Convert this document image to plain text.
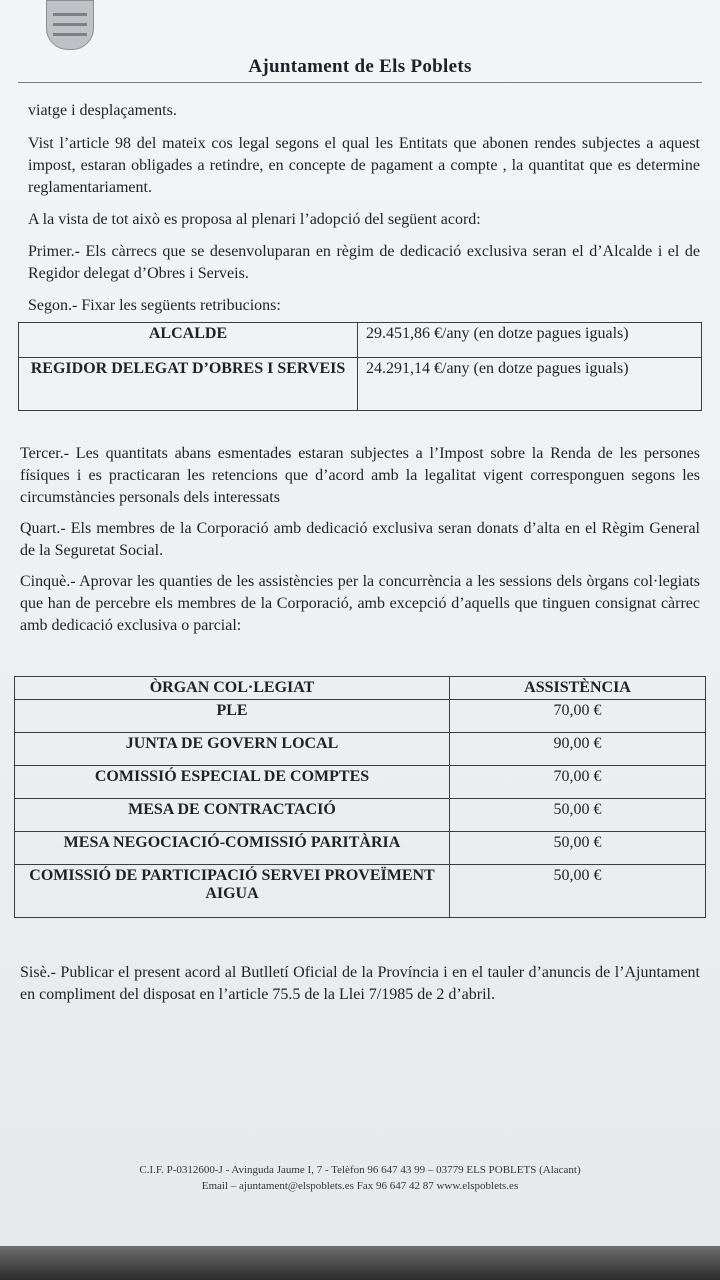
Ajuntament de Els Poblets

viatge i desplaçaments.

Vist l’article 98 del mateix cos legal segons el qual les Entitats que abonen rendes subjectes a aquest impost, estaran obligades a retindre, en concepte de pagament a compte , la quantitat que es determine reglamentariament.

A la vista de tot això es proposa al plenari l’adopció del següent acord:

Primer.- Els càrrecs que se desenvoluparan en règim de dedicació exclusiva seran el d’Alcalde i el de Regidor delegat d’Obres i Serveis.

Segon.- Fixar les següents retribucions:

ALCALDE	29.451,86 €/any (en dotze pagues iguals)
REGIDOR DELEGAT D’OBRES I SERVEIS	24.291,14 €/any (en dotze pagues iguals)

Tercer.- Les quantitats abans esmentades estaran subjectes a l’Impost sobre la Renda de les persones físiques i es practicaran les retencions que d’acord amb la legalitat vigent corresponguen segons les circumstàncies personals dels interessats

Quart.- Els membres de la Corporació amb dedicació exclusiva seran donats d’alta en el Règim General de la Seguretat Social.

Cinquè.- Aprovar les quanties de les assistències per la concurrència a les sessions dels òrgans col·legiats que han de percebre els membres de la Corporació, amb excepció d’aquells que tinguen consignat càrrec amb dedicació exclusiva o parcial:

ÒRGAN COL·LEGIAT	ASSISTÈNCIA
PLE	70,00 €
JUNTA DE GOVERN LOCAL	90,00 €
COMISSIÓ ESPECIAL DE COMPTES	70,00 €
MESA DE CONTRACTACIÓ	50,00 €
MESA NEGOCIACIÓ-COMISSIÓ PARITÀRIA	50,00 €
COMISSIÓ DE PARTICIPACIÓ SERVEI PROVEÏMENT AIGUA	50,00 €

Sisè.- Publicar el present acord al Butlletí Oficial de la Província i en el tauler d’anuncis de l’Ajuntament en compliment del disposat en l’article 75.5 de la Llei 7/1985 de 2 d’abril.

C.I.F. P-0312600-J - Avinguda Jaume I, 7 - Telèfon 96 647 43 99 – 03779 ELS POBLETS (Alacant)
Email – ajuntament@elspoblets.es Fax 96 647 42 87 www.elspoblets.es
